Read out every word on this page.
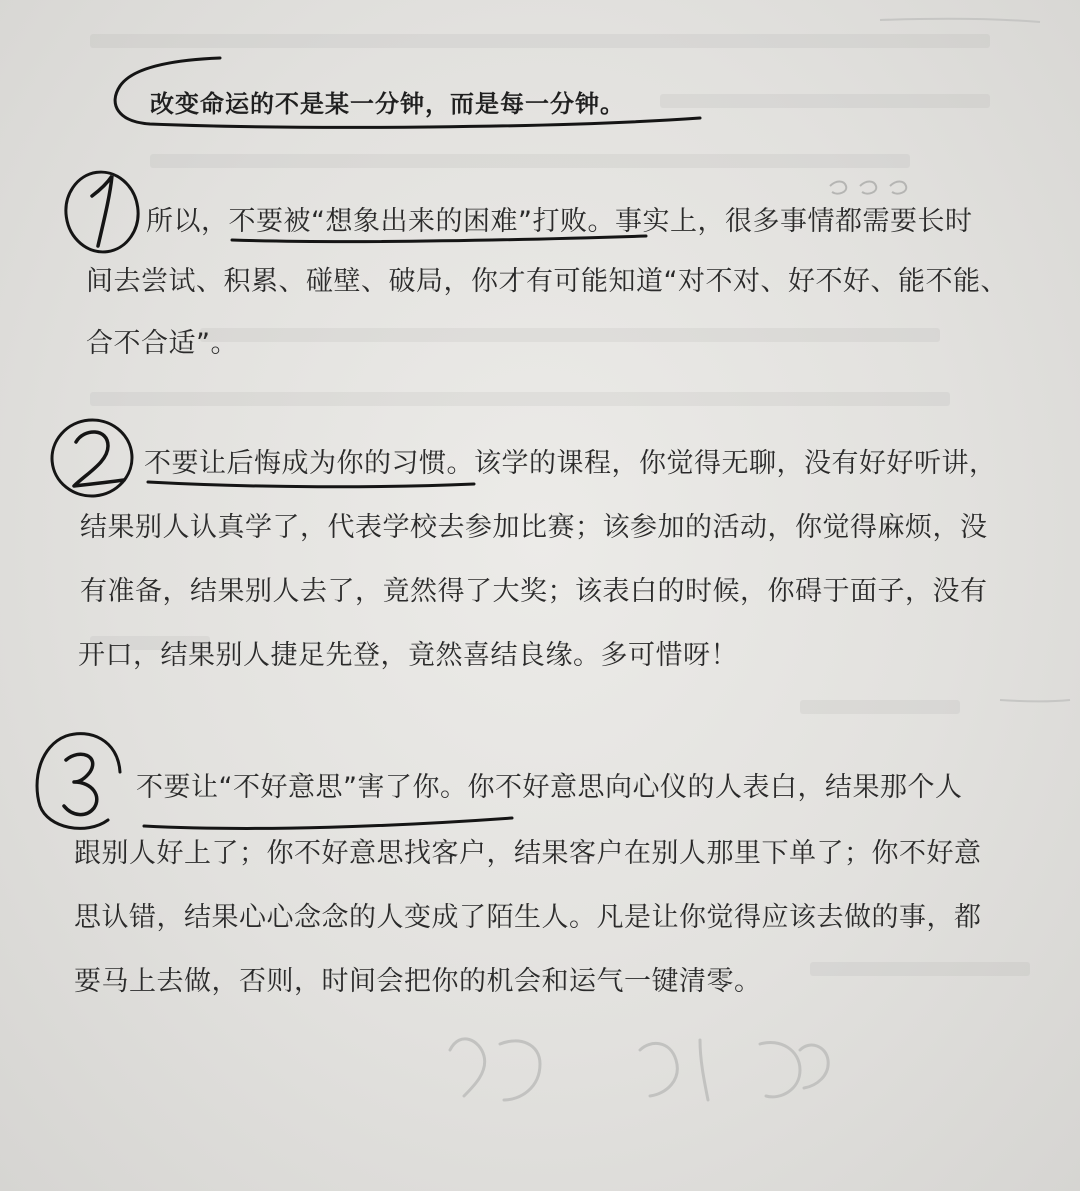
改变命运的不是某一分钟，而是每一分钟。
所以，不要被“想象出来的困难”打败。事实上，很多事情都需要长时
间去尝试、积累、碰壁、破局，你才有可能知道“对不对、好不好、能不能、
合不合适”。
不要让后悔成为你的习惯。该学的课程，你觉得无聊，没有好好听讲，
结果别人认真学了，代表学校去参加比赛；该参加的活动，你觉得麻烦，没
有准备，结果别人去了，竟然得了大奖；该表白的时候，你碍于面子，没有
开口，结果别人捷足先登，竟然喜结良缘。多可惜呀！
不要让“不好意思”害了你。你不好意思向心仪的人表白，结果那个人
跟别人好上了；你不好意思找客户，结果客户在别人那里下单了；你不好意
思认错，结果心心念念的人变成了陌生人。凡是让你觉得应该去做的事，都
要马上去做，否则，时间会把你的机会和运气一键清零。
